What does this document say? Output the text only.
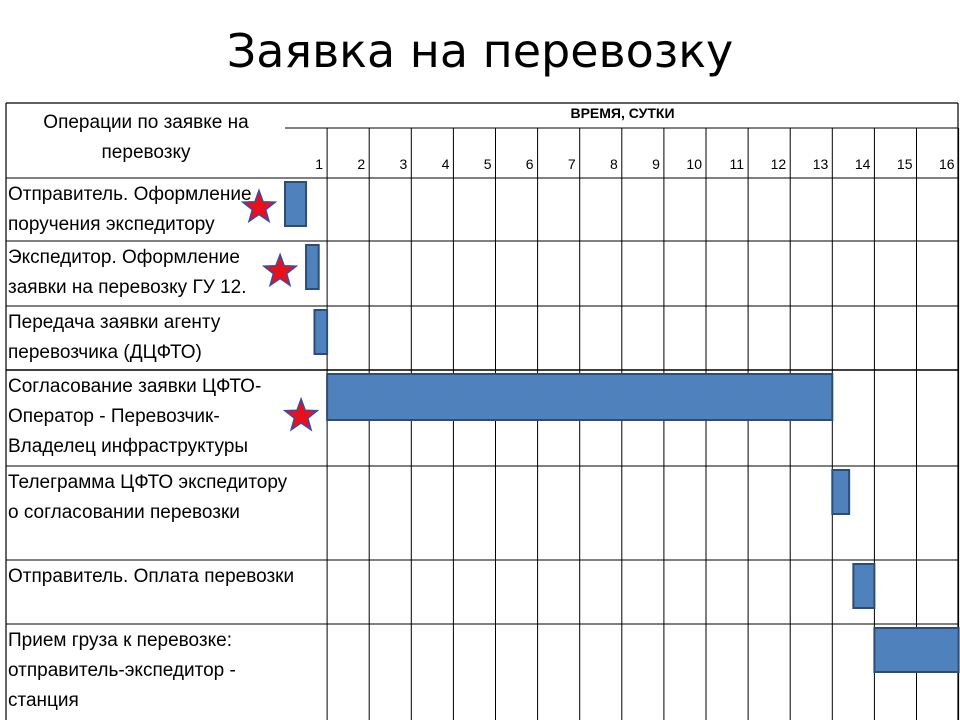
Заявка на перевозку
Операции по заявке на перевозку
ВРЕМЯ, СУТКИ
1	2	3	4	5	6	7	8	9	10	11	12	13	14	15	16
Отправитель. Оформление поручения экспедитору
Экспедитор. Оформление заявки на перевозку ГУ 12.
Передача заявки агенту перевозчика (ДЦФТО)
Согласование заявки ЦФТО-Оператор - Перевозчик-Владелец инфраструктуры
Телеграмма ЦФТО экспедитору о согласовании перевозки
Отправитель. Оплата перевозки
Прием груза к перевозке: отправитель-экспедитор - станция
